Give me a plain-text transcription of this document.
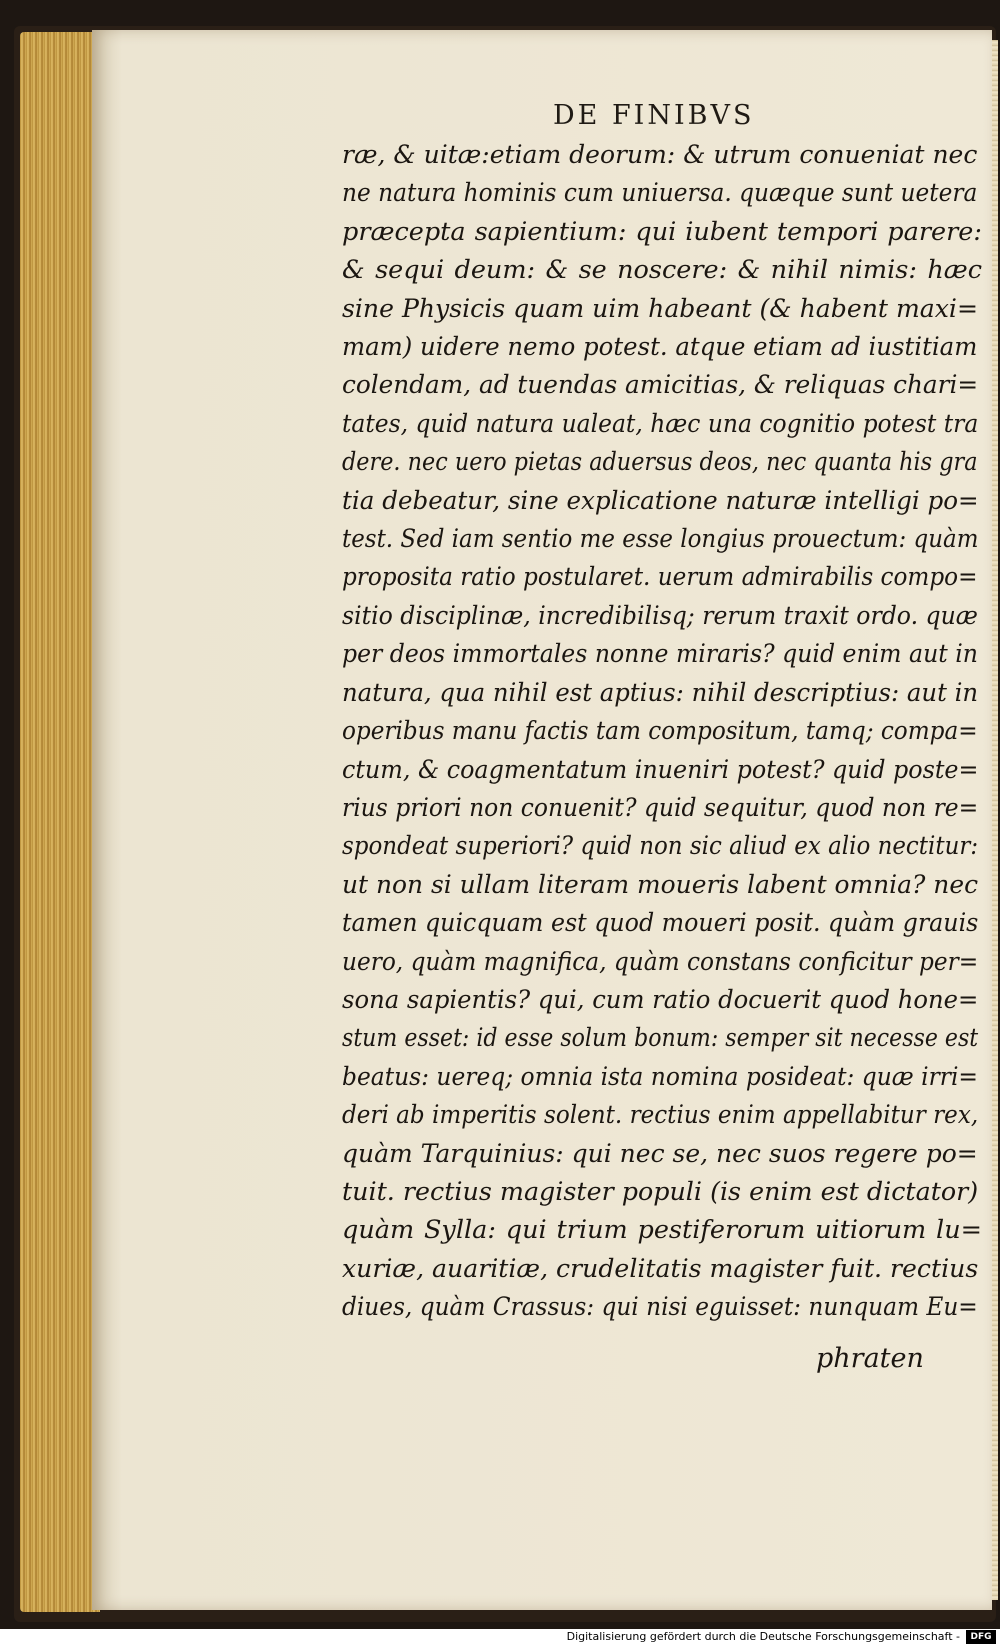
DE FINIBVS
ræ, & uitæ:etiam deorum: & utrum conueniat nec
ne natura hominis cum uniuersa. quæque sunt uetera
præcepta sapientium: qui iubent tempori parere:
& sequi deum: & se noscere: & nihil nimis: hæc
sine Physicis quam uim habeant (& habent maxi=
mam) uidere nemo potest. atque etiam ad iustitiam
colendam, ad tuendas amicitias, & reliquas chari=
tates, quid natura ualeat, hæc una cognitio potest tra
dere. nec uero pietas aduersus deos, nec quanta his gra
tia debeatur, sine explicatione naturæ intelligi po=
test. Sed iam sentio me esse longius prouectum: quàm
proposita ratio postularet. uerum admirabilis compo=
sitio disciplinæ, incredibilisq; rerum traxit ordo. quæ
per deos immortales nonne miraris? quid enim aut in
natura, qua nihil est aptius: nihil descriptius: aut in
operibus manu factis tam compositum, tamq; compa=
ctum, & coagmentatum inueniri potest? quid poste=
rius priori non conuenit? quid sequitur, quod non re=
spondeat superiori? quid non sic aliud ex alio nectitur:
ut non si ullam literam moueris labent omnia? nec
tamen quicquam est quod moueri posit. quàm grauis
uero, quàm magnifica, quàm constans conficitur per=
sona sapientis? qui, cum ratio docuerit quod hone=
stum esset: id esse solum bonum: semper sit necesse est
beatus: uereq; omnia ista nomina posideat: quæ irri=
deri ab imperitis solent. rectius enim appellabitur rex,
quàm Tarquinius: qui nec se, nec suos regere po=
tuit. rectius magister populi (is enim est dictator)
quàm Sylla: qui trium pestiferorum uitiorum lu=
xuriæ, auaritiæ, crudelitatis magister fuit. rectius
diues, quàm Crassus: qui nisi eguisset: nunquam Eu=
phraten
Digitalisierung gefördert durch die Deutsche Forschungsgemeinschaft -	DFG
